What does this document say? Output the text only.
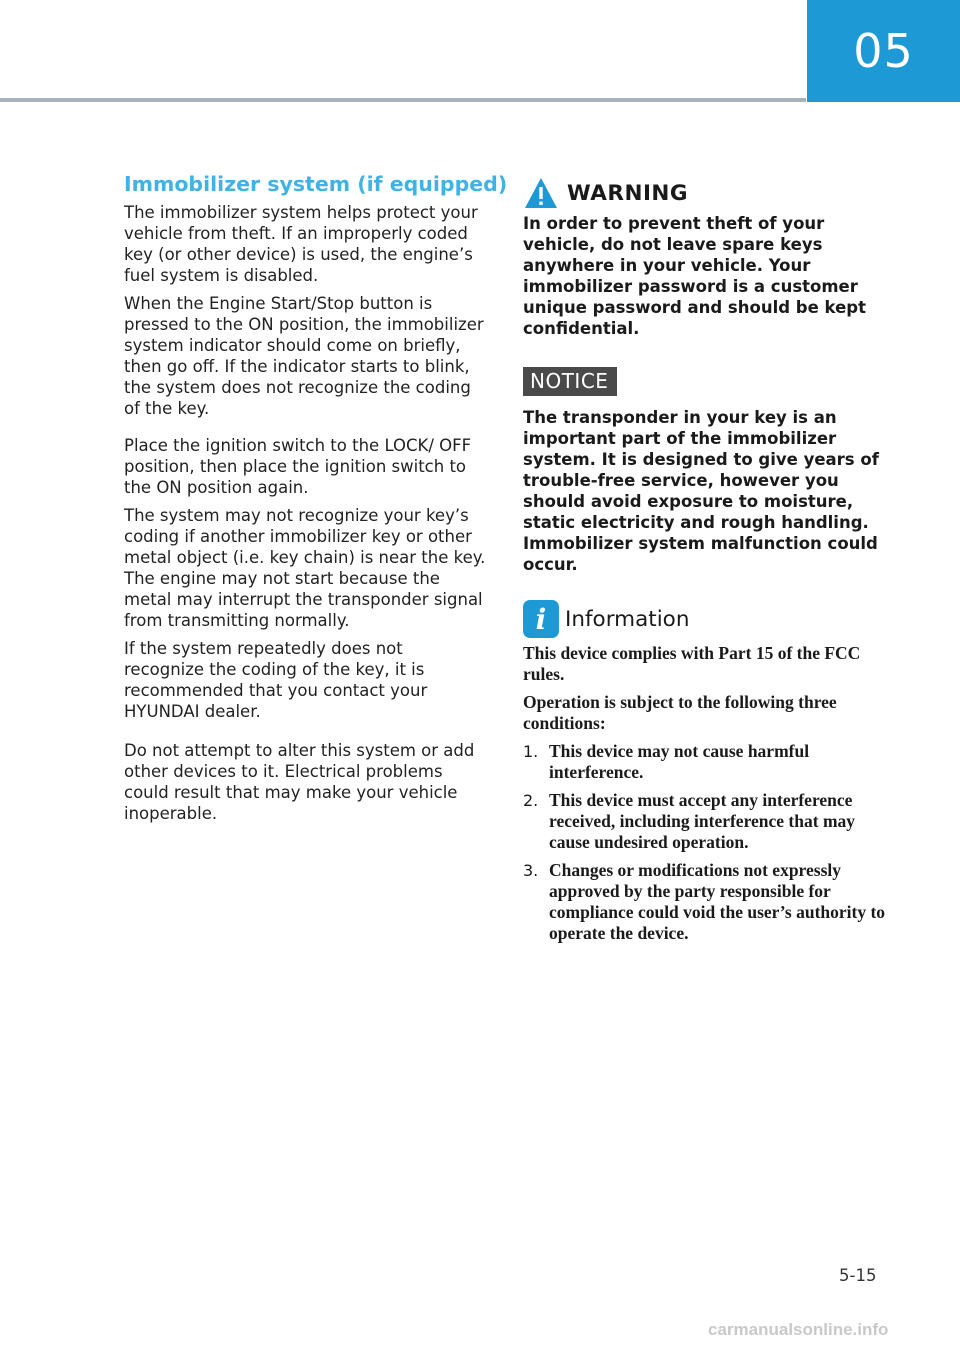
05
Immobilizer system (if equipped)

The immobilizer system helps protect your vehicle from theft. If an improperly coded key (or other device) is used, the engine’s fuel system is disabled.

When the Engine Start/Stop button is pressed to the ON position, the immobilizer system indicator should come on briefly, then go off. If the indicator starts to blink, the system does not recognize the coding of the key.

Place the ignition switch to the LOCK/ OFF position, then place the ignition switch to the ON position again.

The system may not recognize your key’s coding if another immobilizer key or other metal object (i.e. key chain) is near the key. The engine may not start because the metal may interrupt the transponder signal from transmitting normally.

If the system repeatedly does not recognize the coding of the key, it is recommended that you contact your HYUNDAI dealer.

Do not attempt to alter this system or add other devices to it. Electrical problems could result that may make your vehicle inoperable.

WARNING

In order to prevent theft of your vehicle, do not leave spare keys anywhere in your vehicle. Your immobilizer password is a customer unique password and should be kept confidential.

NOTICE

The transponder in your key is an important part of the immobilizer system. It is designed to give years of trouble-free service, however you should avoid exposure to moisture, static electricity and rough handling. Immobilizer system malfunction could occur.

i Information

This device complies with Part 15 of the FCC rules.

Operation is subject to the following three conditions:

1. This device may not cause harmful interference.
2. This device must accept any interference received, including interference that may cause undesired operation.
3. Changes or modifications not expressly approved by the party responsible for compliance could void the user’s authority to operate the device.
5-15
carmanualsonline.info
